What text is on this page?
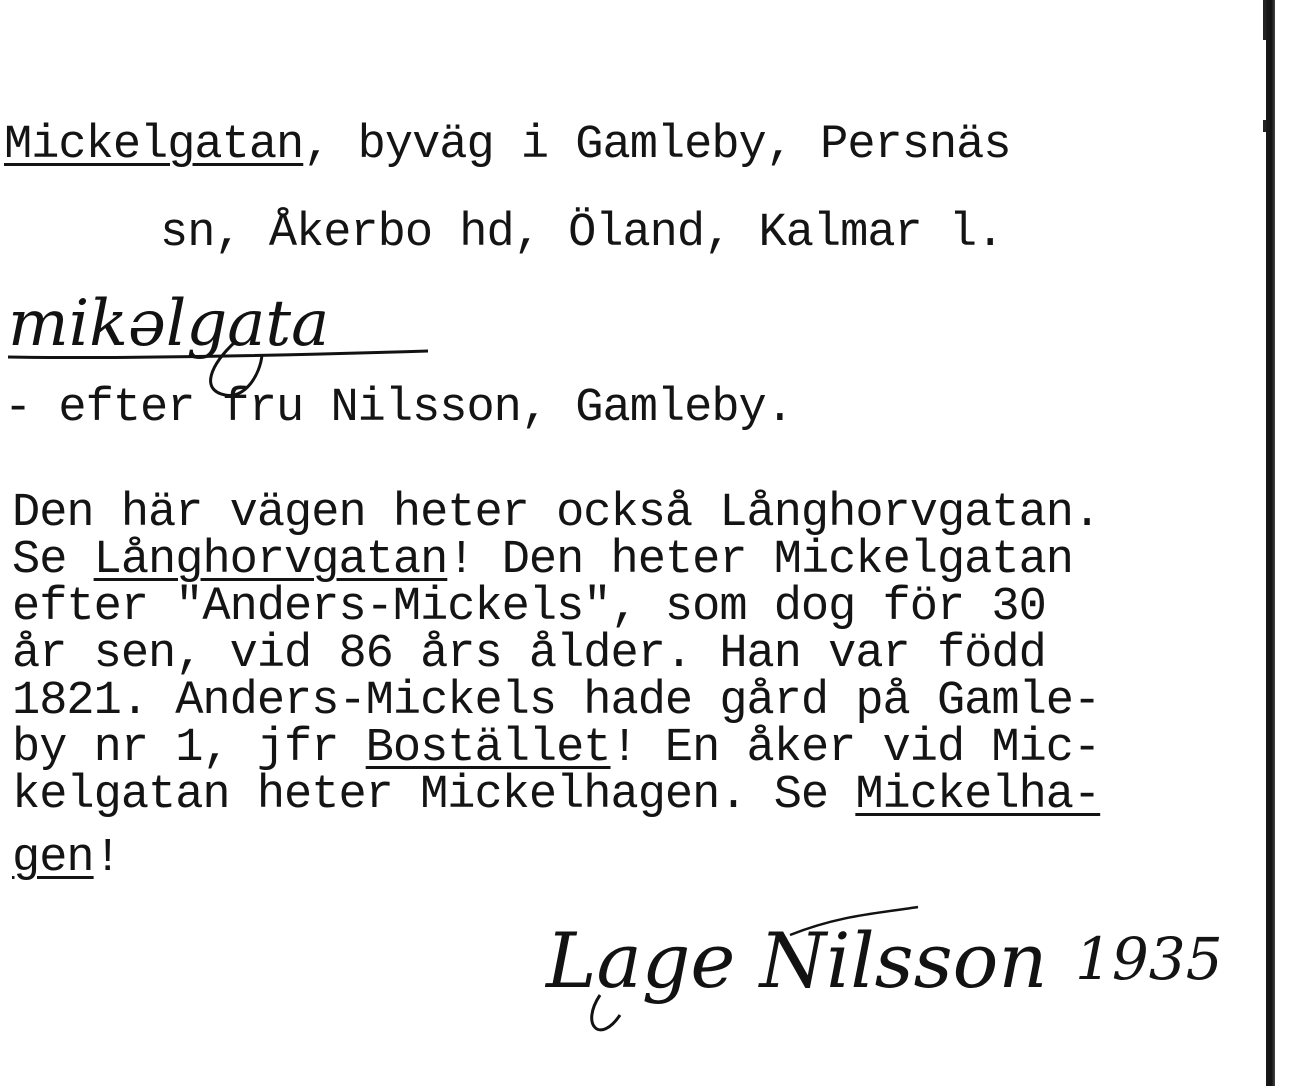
Mickelgatan, byväg i Gamleby, Persnäs
sn, Åkerbo hd, Öland, Kalmar l.
mikəlgata
- efter fru Nilsson, Gamleby.
Den här vägen heter också Långhorvgatan.
Se Långhorvgatan! Den heter Mickelgatan
efter "Anders-Mickels", som dog för 30
år sen, vid 86 års ålder. Han var född
1821. Anders-Mickels hade gård på Gamle-
by nr 1, jfr Bostället! En åker vid Mic-
kelgatan heter Mickelhagen. Se Mickelha-
gen!
Lage Nilsson 1935
